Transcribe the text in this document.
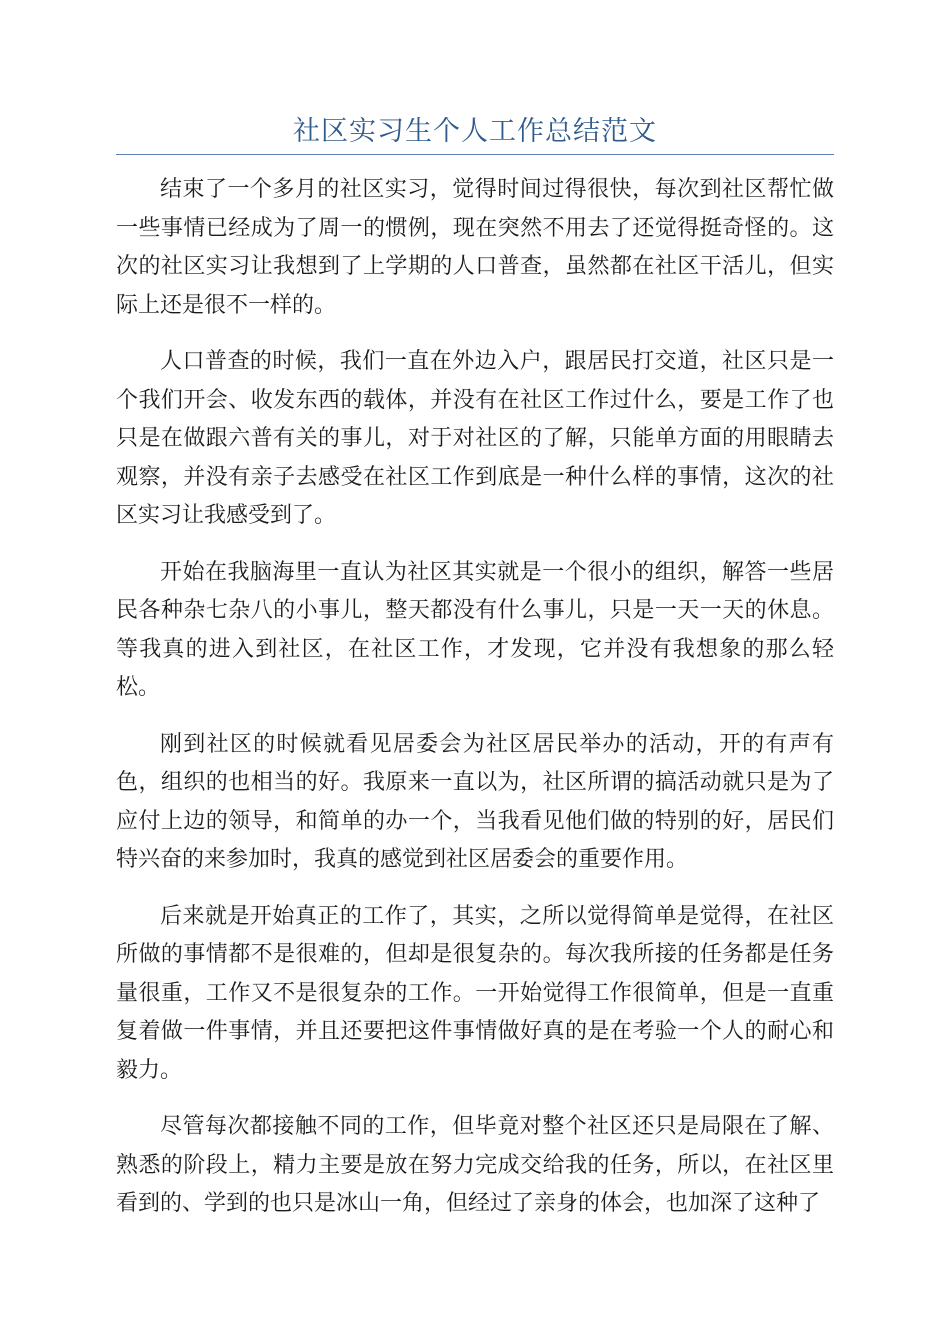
社区实习生个人工作总结范文

结束了一个多月的社区实习，觉得时间过得很快，每次到社区帮忙做一些事情已经成为了周一的惯例，现在突然不用去了还觉得挺奇怪的。这次的社区实习让我想到了上学期的人口普查，虽然都在社区干活儿，但实际上还是很不一样的。

人口普查的时候，我们一直在外边入户，跟居民打交道，社区只是一个我们开会、收发东西的载体，并没有在社区工作过什么，要是工作了也只是在做跟六普有关的事儿，对于对社区的了解，只能单方面的用眼睛去观察，并没有亲子去感受在社区工作到底是一种什么样的事情，这次的社区实习让我感受到了。

开始在我脑海里一直认为社区其实就是一个很小的组织，解答一些居民各种杂七杂八的小事儿，整天都没有什么事儿，只是一天一天的休息。等我真的进入到社区，在社区工作，才发现，它并没有我想象的那么轻松。

刚到社区的时候就看见居委会为社区居民举办的活动，开的有声有色，组织的也相当的好。我原来一直以为，社区所谓的搞活动就只是为了应付上边的领导，和简单的办一个，当我看见他们做的特别的好，居民们特兴奋的来参加时，我真的感觉到社区居委会的重要作用。

后来就是开始真正的工作了，其实，之所以觉得简单是觉得，在社区所做的事情都不是很难的，但却是很复杂的。每次我所接的任务都是任务量很重，工作又不是很复杂的工作。一开始觉得工作很简单，但是一直重复着做一件事情，并且还要把这件事情做好真的是在考验一个人的耐心和毅力。

尽管每次都接触不同的工作，但毕竟对整个社区还只是局限在了解、熟悉的阶段上，精力主要是放在努力完成交给我的任务，所以，在社区里看到的、学到的也只是冰山一角，但经过了亲身的体会，也加深了这种了
